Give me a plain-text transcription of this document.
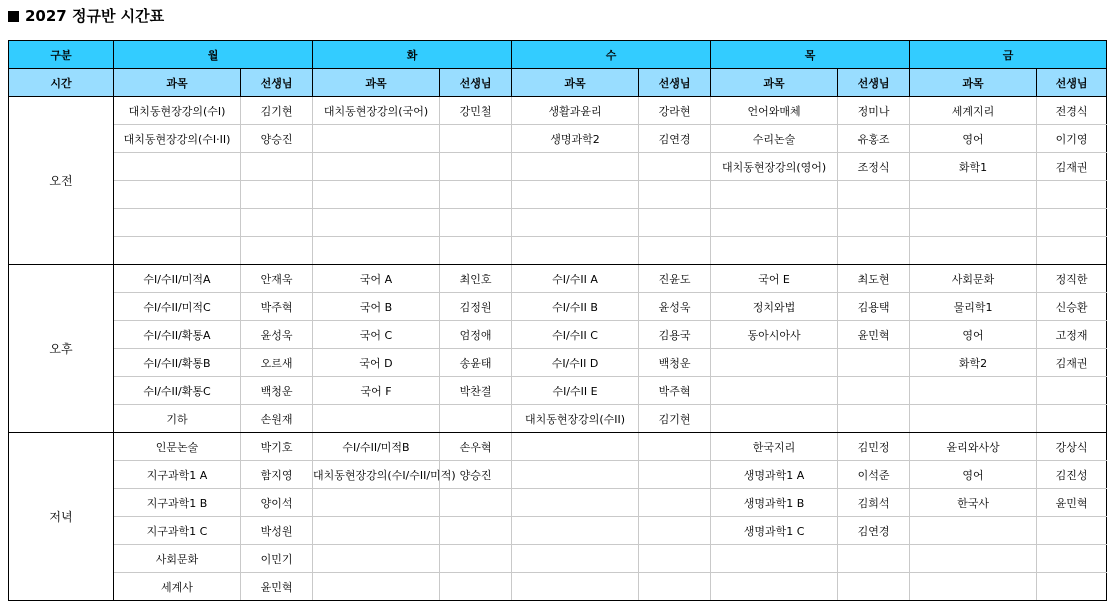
2027 정규반 시간표
구분	월		화		수		목		금	
시간	과목	선생님	과목	선생님	과목	선생님	과목	선생님	과목	선생님
오전	대치동현장강의(수I)	김기현	대치동현장강의(국어)	강민철	생활과윤리	강라현	언어와매체	정미나	세계지리	전경식
	대치동현장강의(수I·II)	양승진			생명과학2	김연경	수리논술	유홍조	영어	이기영
							대치동현장강의(영어)	조정식	화학1	김재권

오후	수I/수II/미적A	안재욱	국어 A	최인호	수I/수II A	진윤도	국어 E	최도현	사회문화	정직한
	수I/수II/미적C	박주혁	국어 B	김정원	수I/수II B	윤성욱	정치와법	김용택	물리학1	신승환
	수I/수II/확통A	윤성욱	국어 C	엄정애	수I/수II C	김용국	동아시아사	윤민혁	영어	고정재
	수I/수II/확통B	오르새	국어 D	송윤태	수I/수II D	백청운			화학2	김재권
	수I/수II/확통C	백청운	국어 F	박찬결	수I/수II E	박주혁				
	기하	손원재			대치동현장강의(수II)	김기현				
저녁	인문논술	박기호	수I/수II/미적B	손우혁			한국지리	김민정	윤리와사상	강상식
	지구과학1 A	함지영	대치동현장강의(수I/수II/미적)	양승진			생명과학1 A	이석준	영어	김진성
	지구과학1 B	양이석					생명과학1 B	김희석	한국사	윤민혁
	지구과학1 C	박성원					생명과학1 C	김연경		
	사회문화	이민기								
	세계사	윤민혁								
